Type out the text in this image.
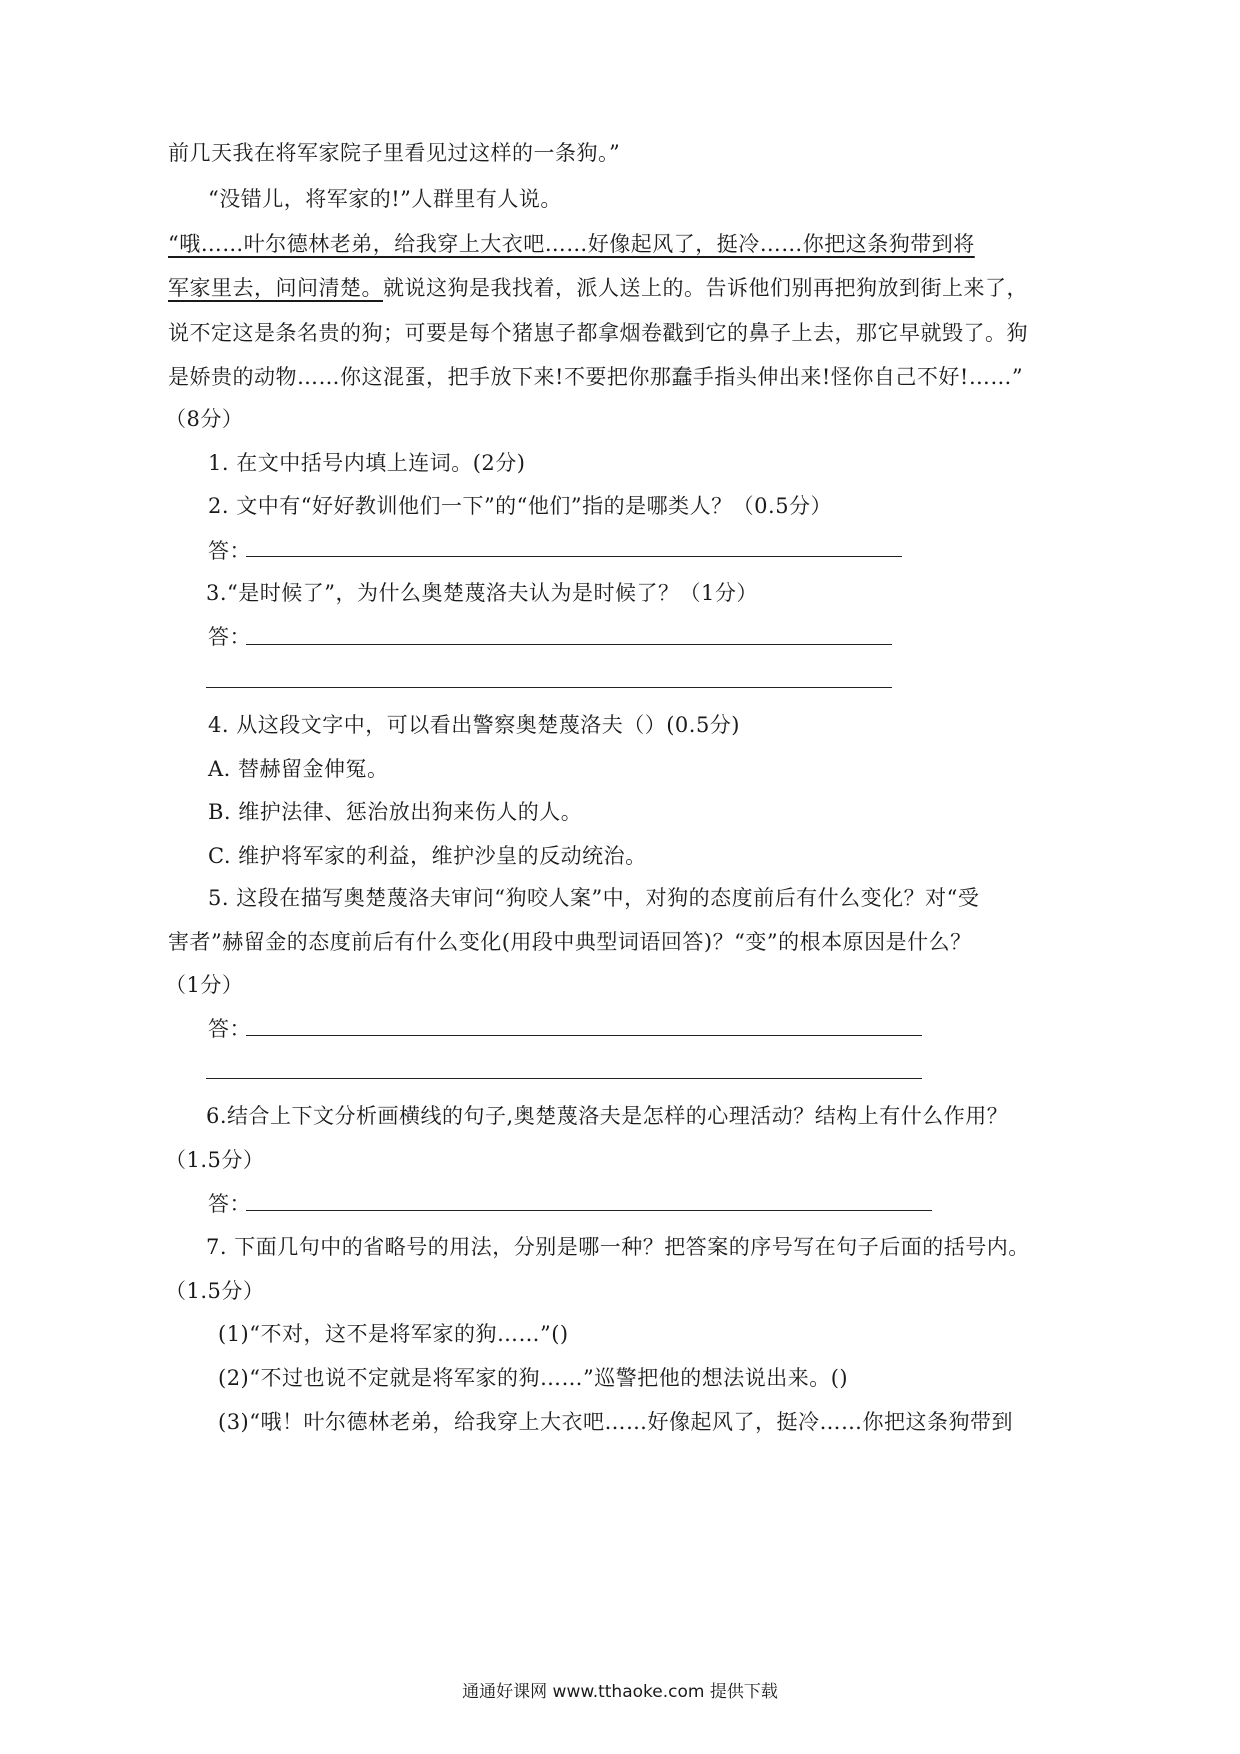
前几天我在将军家院子里看见过这样的一条狗。”
“没错儿，将军家的!”人群里有人说。
“哦……叶尔德林老弟，给我穿上大衣吧……好像起风了，挺冷……你把这条狗带到将
军家里去，问问清楚。就说这狗是我找着，派人送上的。告诉他们别再把狗放到街上来了，
说不定这是条名贵的狗；可要是每个猪崽子都拿烟卷戳到它的鼻子上去，那它早就毁了。狗
是娇贵的动物……你这混蛋，把手放下来!不要把你那蠢手指头伸出来!怪你自己不好!……”
（8分）
1. 在文中括号内填上连词。(2分)
2. 文中有“好好教训他们一下”的“他们”指的是哪类人？（0.5分）
答：
3.“是时候了”，为什么奥楚蔑洛夫认为是时候了？（1分）
答：
4. 从这段文字中，可以看出警察奥楚蔑洛夫（）(0.5分)
A. 替赫留金伸冤。
B. 维护法律、惩治放出狗来伤人的人。
C. 维护将军家的利益，维护沙皇的反动统治。
5. 这段在描写奥楚蔑洛夫审问“狗咬人案”中，对狗的态度前后有什么变化？对“受
害者”赫留金的态度前后有什么变化(用段中典型词语回答)？“变”的根本原因是什么？
（1分）
答：
6.结合上下文分析画横线的句子,奥楚蔑洛夫是怎样的心理活动？结构上有什么作用？
（1.5分）
答：
7. 下面几句中的省略号的用法，分别是哪一种？把答案的序号写在句子后面的括号内。
（1.5分）
(1)“不对，这不是将军家的狗……”()
(2)“不过也说不定就是将军家的狗……”巡警把他的想法说出来。()
(3)“哦！叶尔德林老弟，给我穿上大衣吧……好像起风了，挺冷……你把这条狗带到
通通好课网 www.tthaoke.com 提供下载
